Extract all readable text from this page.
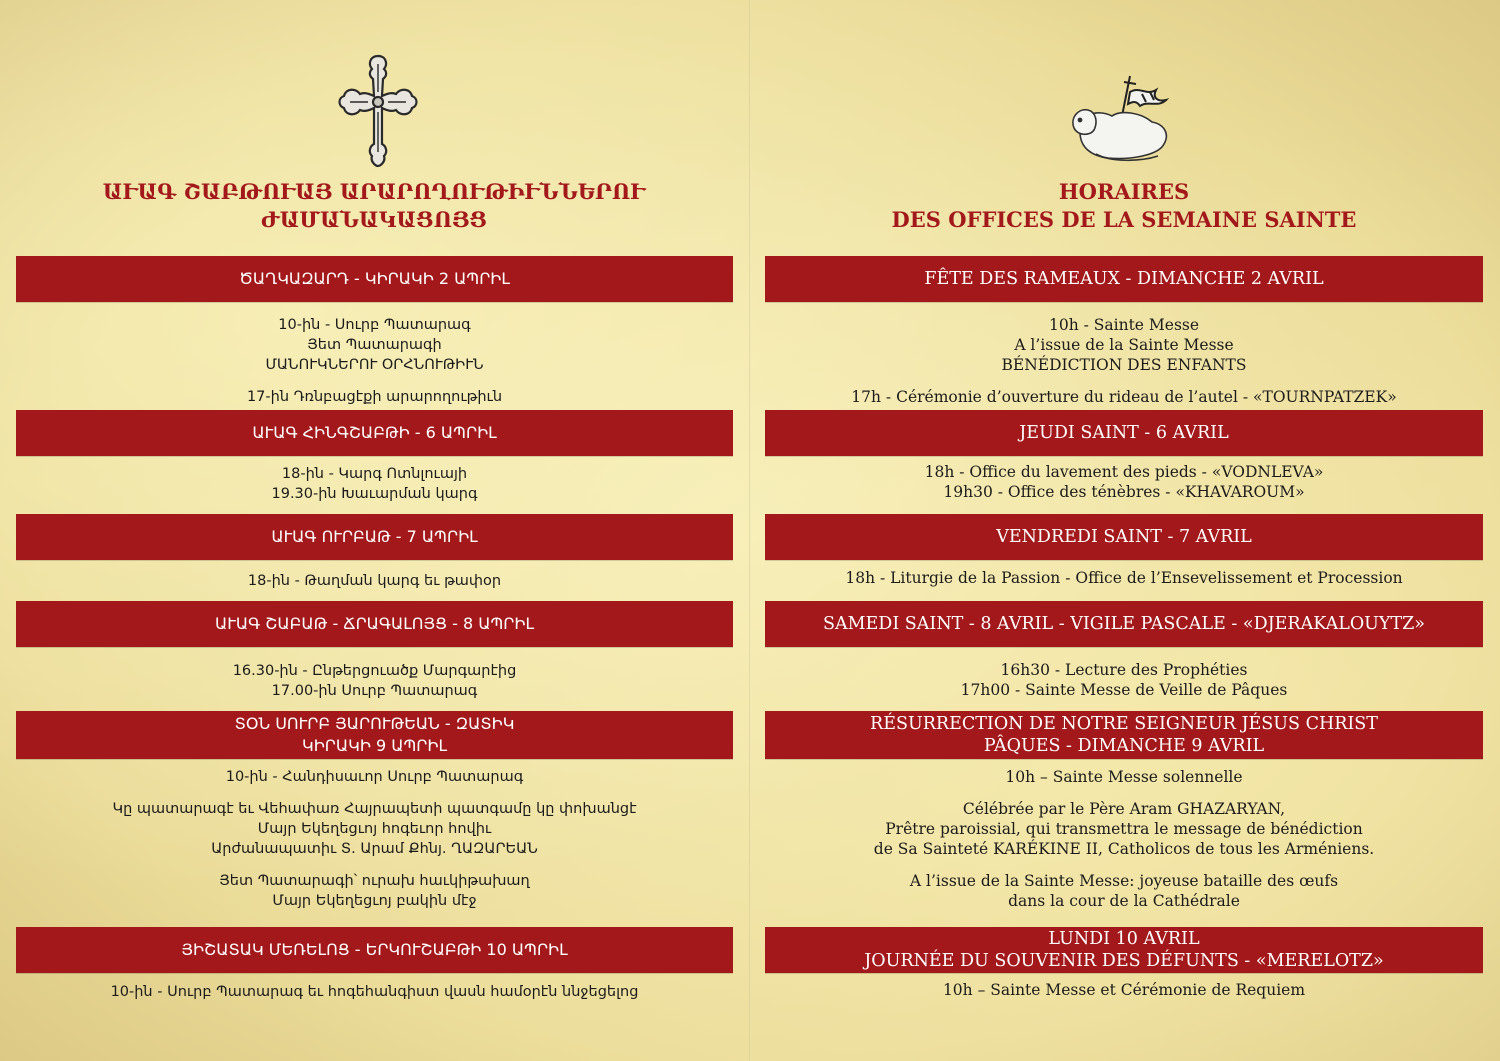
ԱՒԱԳ ՇԱԲԹՈՒԱՅ ԱՐԱՐՈՂՈՒԹԻՒՆՆԵՐՈՒ
ԺԱՄԱՆԱԿԱՑՈՅՑ
ԾԱՂԿԱԶԱՐԴ - ԿԻՐԱԿԻ 2 ԱՊՐԻԼ
10-ին - Սուրբ Պատարագ
Յետ Պատարագի
ՄԱՆՈՒԿՆԵՐՈՒ ՕՐՀՆՈՒԹԻՒՆ
17-ին Դռնբացէքի արարողութիւն
ԱՒԱԳ ՀԻՆԳՇԱԲԹԻ - 6 ԱՊՐԻԼ
18-ին - Կարգ Ոտնլուայի
19.30-ին Խաւարման կարգ
ԱՒԱԳ ՈՒՐԲԱԹ - 7 ԱՊՐԻԼ
18-ին - Թաղման կարգ եւ թափօր
ԱՒԱԳ ՇԱԲԱԹ - ՃՐԱԳԱԼՈՅՑ - 8 ԱՊՐԻԼ
16.30-ին - Ընթերցուածք Մարգարէից
17.00-ին Սուրբ Պատարագ
ՏՕՆ ՍՈՒՐԲ ՅԱՐՈՒԹԵԱՆ - ԶԱՏԻԿ
ԿԻՐԱԿԻ 9 ԱՊՐԻԼ
10-ին - Հանդիսաւոր Սուրբ Պատարագ
Կը պատարագէ եւ Վեհափառ Հայրապետի պատգամը կը փոխանցէ
Մայր Եկեղեցւոյ հոգեւոր հովիւ
Արժանապատիւ Տ. Արամ Քհնյ. ՂԱԶԱՐԵԱՆ
Յետ Պատարագի՝ ուրախ հաւկիթախաղ
Մայր Եկեղեցւոյ բակին մէջ
ՅԻՇԱՏԱԿ ՄԵՌԵԼՈՑ - ԵՐԿՈՒՇԱԲԹԻ 10 ԱՊՐԻԼ
10-ին - Սուրբ Պատարագ եւ հոգեհանգիստ վասն համօրէն ննջեցելոց
HORAIRES
DES OFFICES DE LA SEMAINE SAINTE
FÊTE DES RAMEAUX - DIMANCHE 2 AVRIL
10h - Sainte Messe
A l’issue de la Sainte Messe
BÉNÉDICTION DES ENFANTS
17h - Cérémonie d’ouverture du rideau de l’autel - «TOURNPATZEK»
JEUDI SAINT - 6 AVRIL
18h - Office du lavement des pieds - «VODNLEVA»
19h30 - Office des ténèbres - «KHAVAROUM»
VENDREDI SAINT - 7 AVRIL
18h - Liturgie de la Passion - Office de l’Ensevelissement et Procession
SAMEDI SAINT - 8 AVRIL - VIGILE PASCALE - «DJERAKALOUYTZ»
16h30 - Lecture des Prophéties
17h00 - Sainte Messe de Veille de Pâques
RÉSURRECTION DE NOTRE SEIGNEUR JÉSUS CHRIST
PÂQUES - DIMANCHE 9 AVRIL
10h – Sainte Messe solennelle
Célébrée par le Père Aram GHAZARYAN,
Prêtre paroissial, qui transmettra le message de bénédiction
de Sa Sainteté KARÉKINE II, Catholicos de tous les Arméniens.
A l’issue de la Sainte Messe: joyeuse bataille des œufs
dans la cour de la Cathédrale
LUNDI 10 AVRIL
JOURNÉE DU SOUVENIR DES DÉFUNTS - «MERELOTZ»
10h – Sainte Messe et Cérémonie de Requiem
